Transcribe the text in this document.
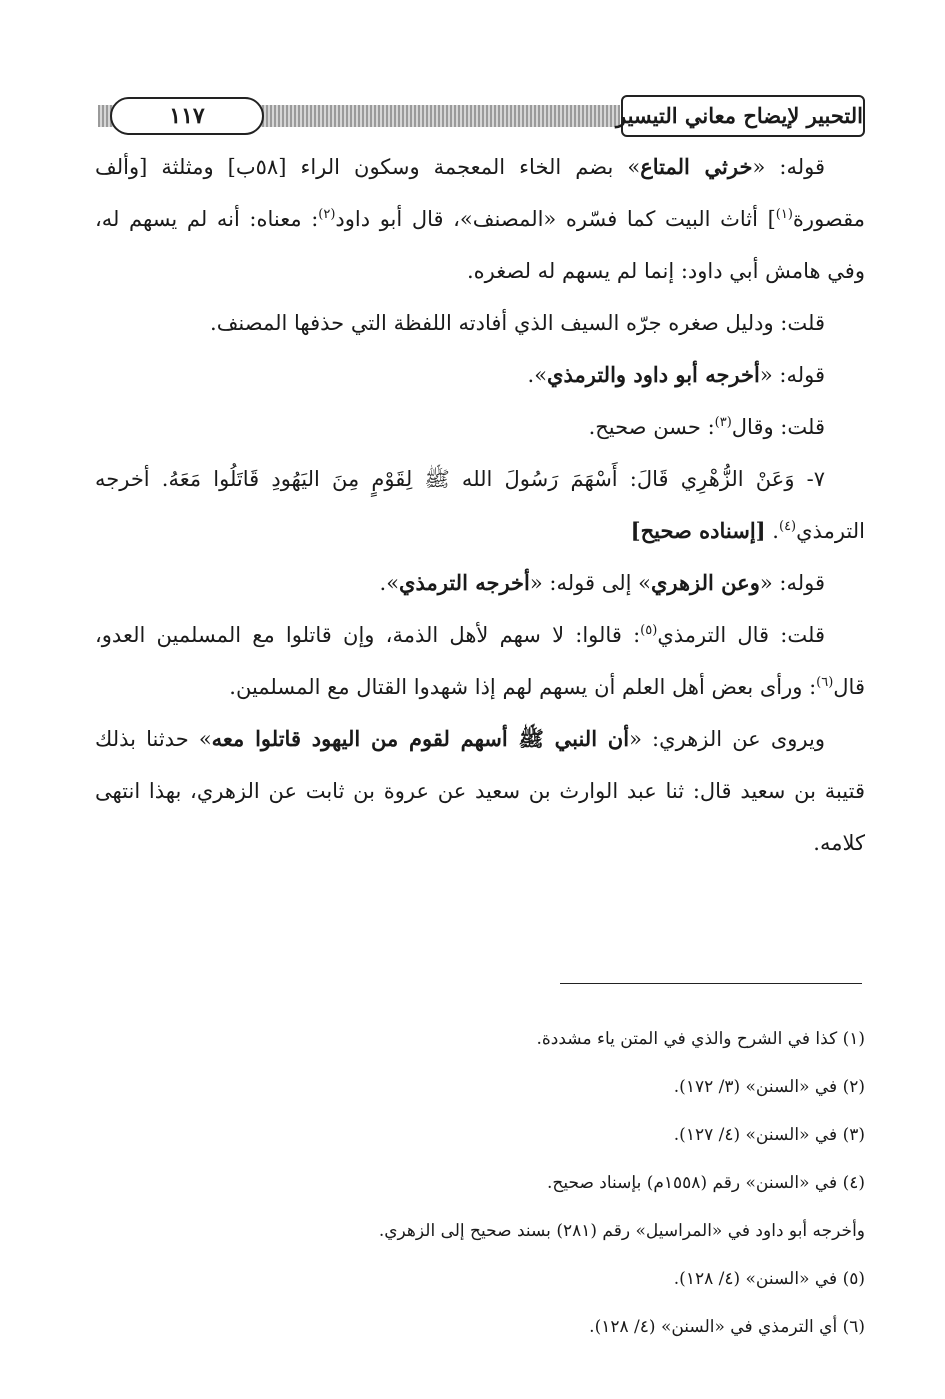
١١٧	التحبير لإيضاح معاني التيسير

قوله: «خرثي المتاع» بضم الخاء المعجمة وسكون الراء [٥٨ب] ومثلثة [وألف مقصورة$^{(١)}$] أثاث البيت كما فسّره «المصنف»، قال أبو داود$^{(٢)}$: معناه: أنه لم يسهم له، وفي هامش أبي داود: إنما لم يسهم له لصغره.

قلت: ودليل صغره جرّه السيف الذي أفادته اللفظة التي حذفها المصنف.

قوله: «أخرجه أبو داود والترمذي».

قلت: وقال$^{(٣)}$: حسن صحيح.

٧- وَعَنْ الزُّهْرِي قَالَ: أَسْهَمَ رَسُولَ الله ﷺ لِقَوْمٍ مِنَ اليَهُودِ قَاتَلُوا مَعَهُ. أخرجه الترمذي$^{(٤)}$. [إسناده صحيح]

قوله: «وعن الزهري» إلى قوله: «أخرجه الترمذي».

قلت: قال الترمذي$^{(٥)}$: قالوا: لا سهم لأهل الذمة، وإن قاتلوا مع المسلمين العدو، قال$^{(٦)}$: ورأى بعض أهل العلم أن يسهم لهم إذا شهدوا القتال مع المسلمين.

ويروى عن الزهري: «أن النبي ﷺ أسهم لقوم من اليهود قاتلوا معه» حدثنا بذلك قتيبة بن سعيد قال: ثنا عبد الوارث بن سعيد عن عروة بن ثابت عن الزهري، بهذا انتهى كلامه.

(١) كذا في الشرح والذي في المتن ياء مشددة.

(٢) في «السنن» (٣/ ١٧٢).

(٣) في «السنن» (٤/ ١٢٧).

(٤) في «السنن» رقم (١٥٥٨م) بإسناد صحيح.

وأخرجه أبو داود في «المراسيل» رقم (٢٨١) بسند صحيح إلى الزهري.

(٥) في «السنن» (٤/ ١٢٨).

(٦) أي الترمذي في «السنن» (٤/ ١٢٨).
